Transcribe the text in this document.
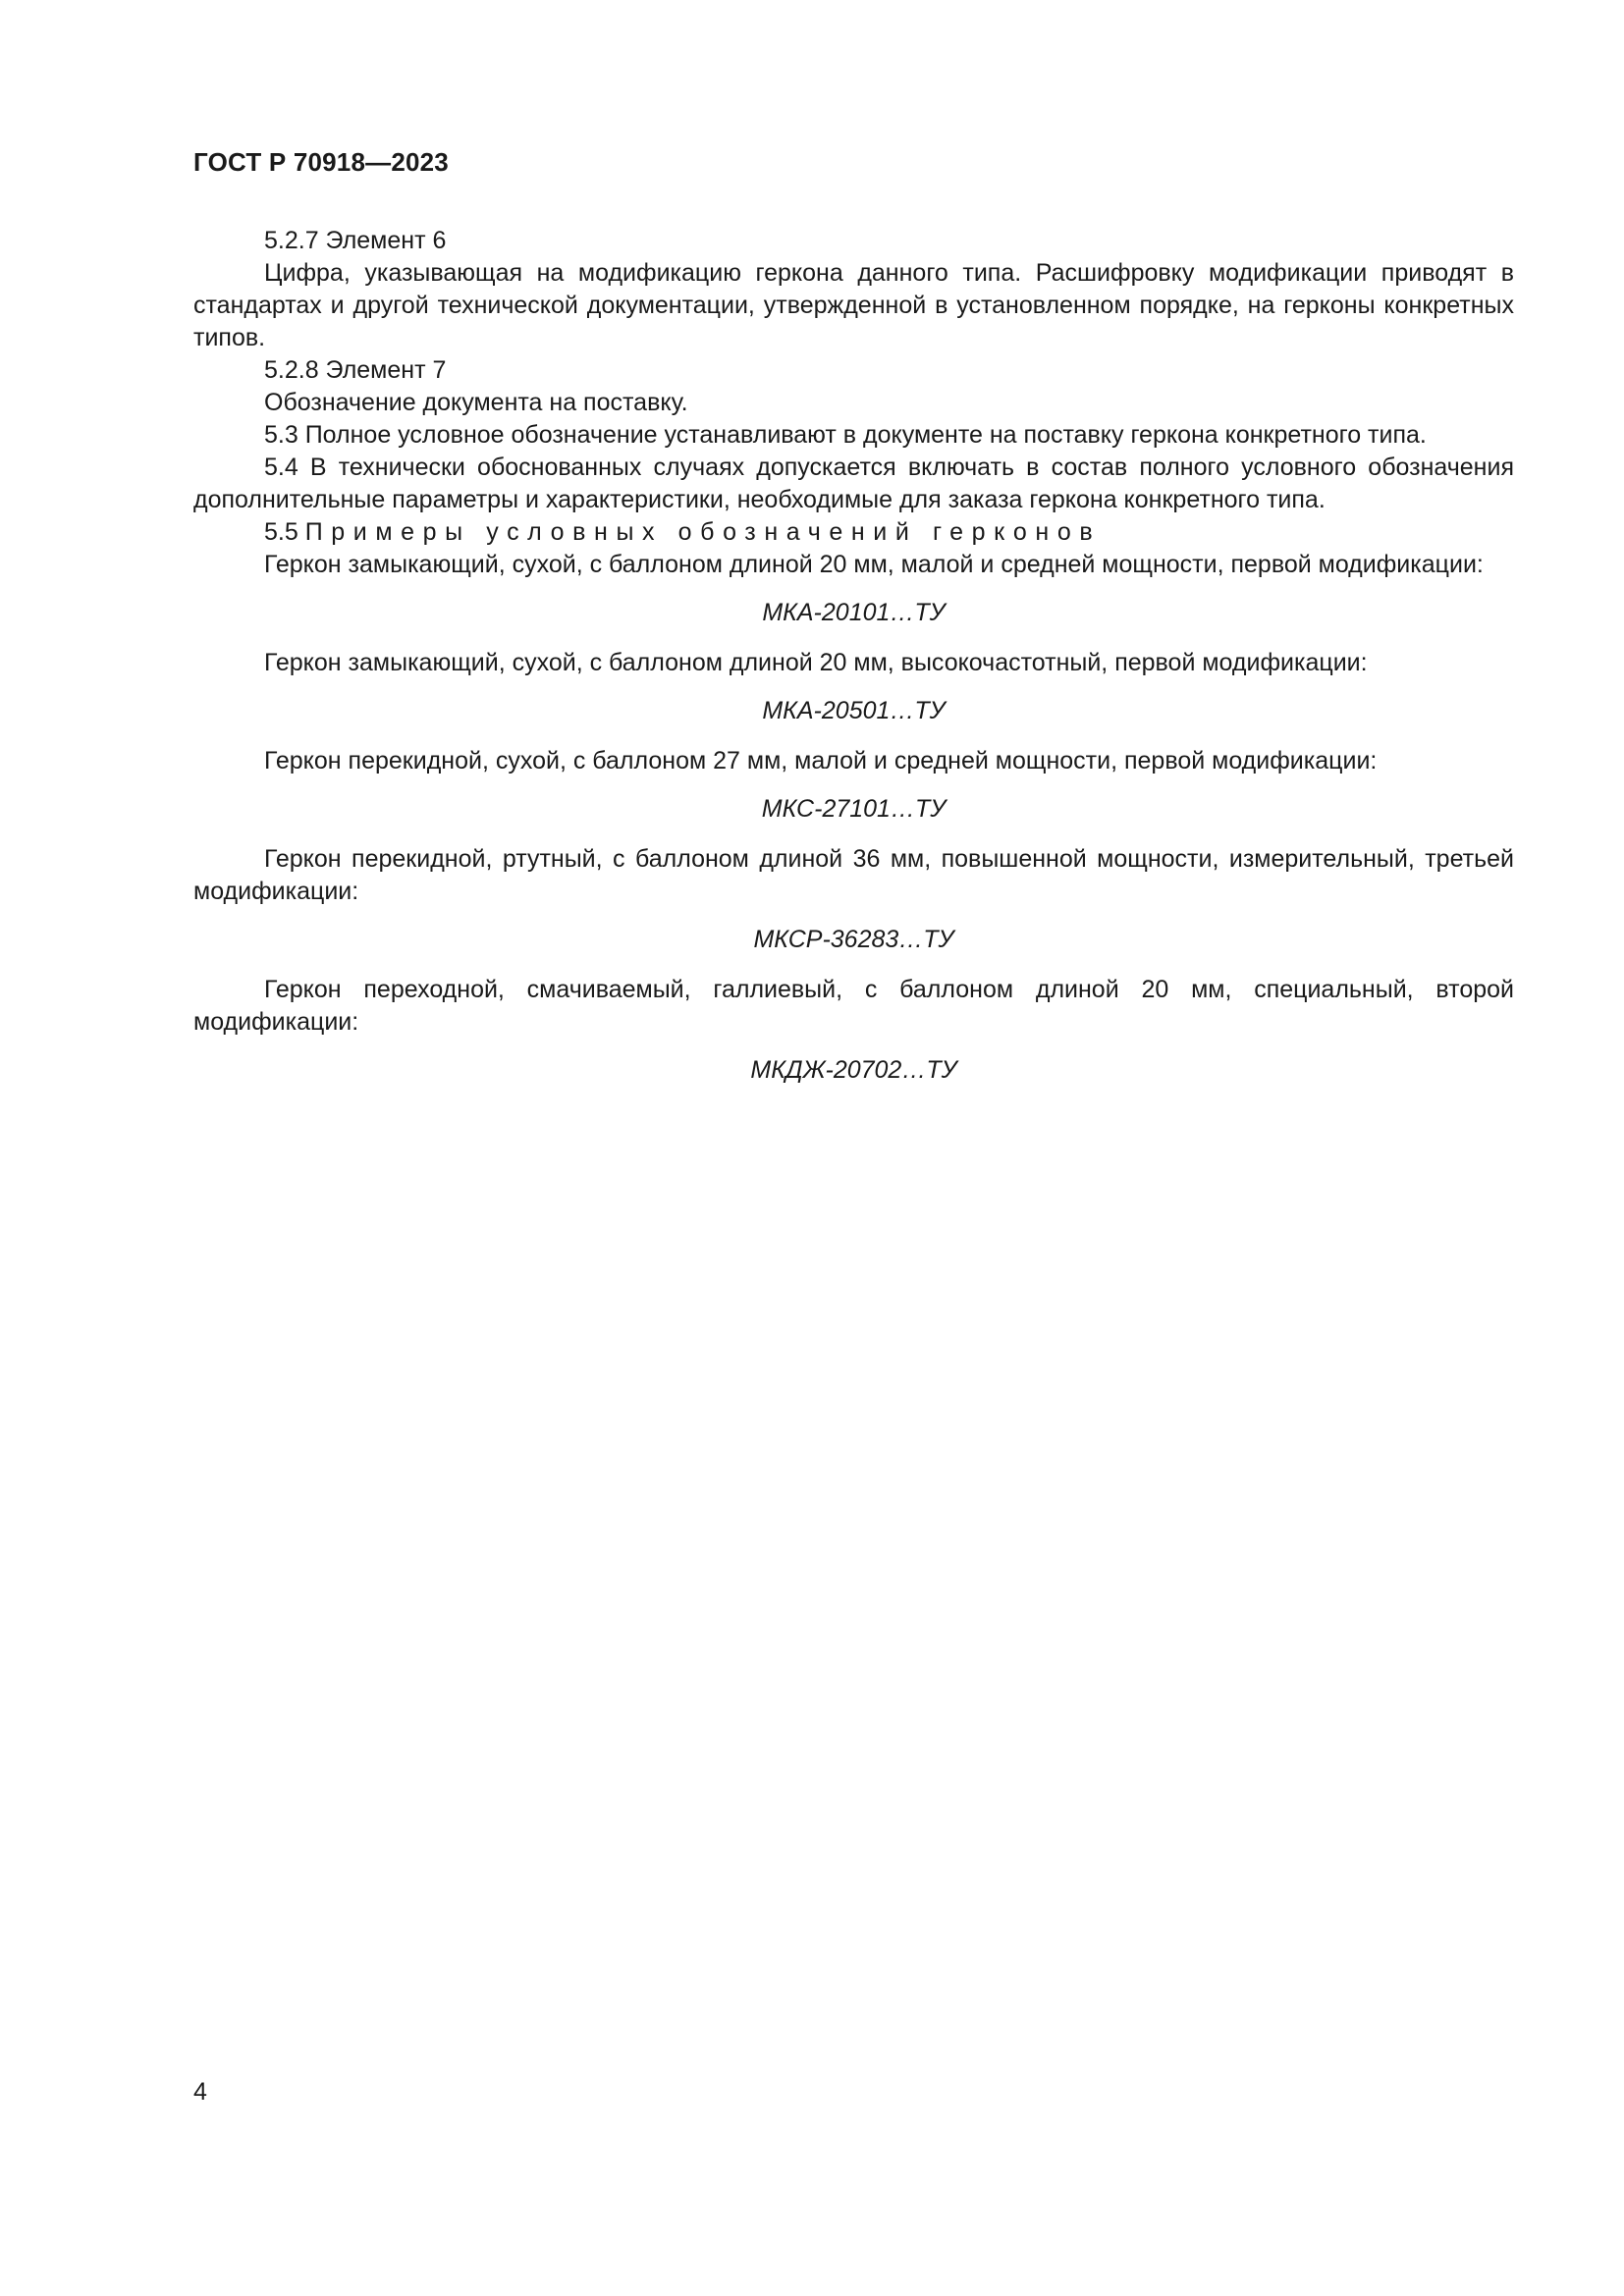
ГОСТ Р 70918—2023

5.2.7 Элемент 6

Цифра, указывающая на модификацию геркона данного типа. Расшифровку модификации приводят в стандартах и другой технической документации, утвержденной в установленном порядке, на герконы конкретных типов.

5.2.8 Элемент 7

Обозначение документа на поставку.

5.3 Полное условное обозначение устанавливают в документе на поставку геркона конкретного типа.

5.4 В технически обоснованных случаях допускается включать в состав полного условного обозначения дополнительные параметры и характеристики, необходимые для заказа геркона конкретного типа.

5.5 Примеры условных обозначений герконов

Геркон замыкающий, сухой, с баллоном длиной 20 мм, малой и средней мощности, первой модификации:

МКА-20101…ТУ

Геркон замыкающий, сухой, с баллоном длиной 20 мм, высокочастотный, первой модификации:

МКА-20501…ТУ

Геркон перекидной, сухой, с баллоном 27 мм, малой и средней мощности, первой модификации:

МКС-27101…ТУ

Геркон перекидной, ртутный, с баллоном длиной 36 мм, повышенной мощности, измерительный, третьей модификации:

МКСР-36283…ТУ

Геркон переходной, смачиваемый, галлиевый, с баллоном длиной 20 мм, специальный, второй модификации:

МКДЖ-20702…ТУ

4
